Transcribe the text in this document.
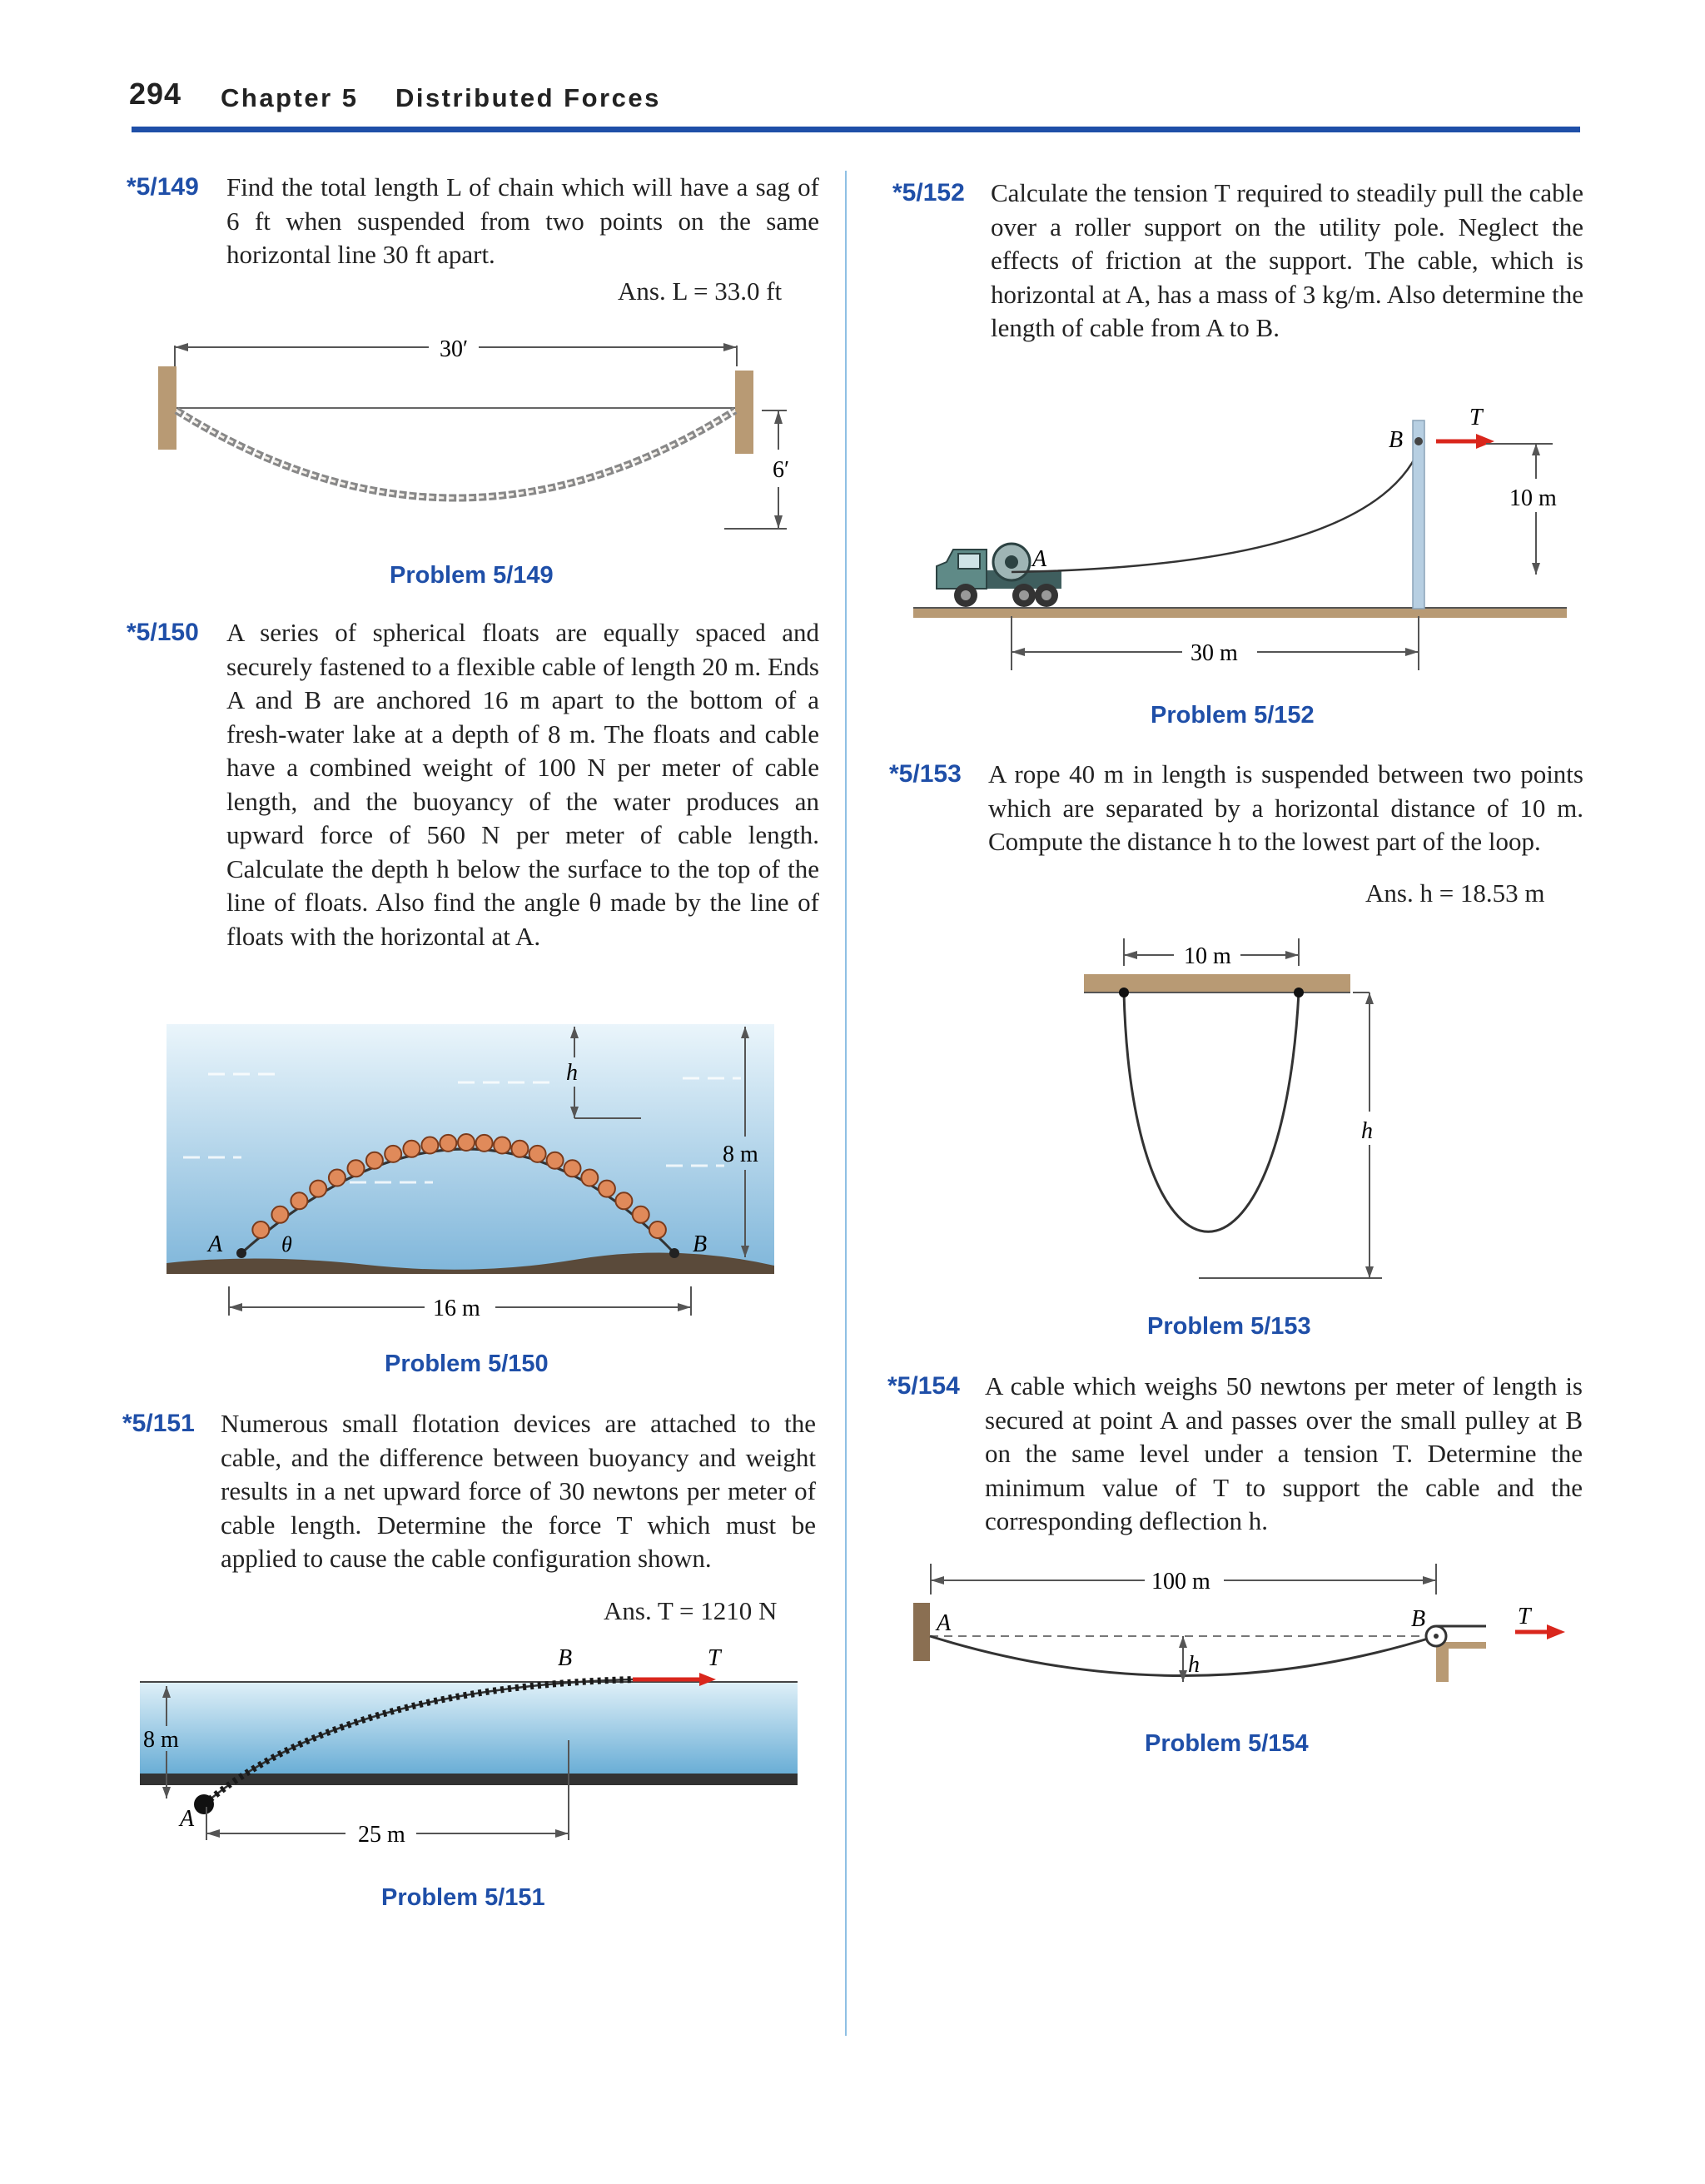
294 Chapter 5 Distributed Forces
*5/149 Find the total length L of chain which will have a sag of 6 ft when suspended from two points on the same horizontal line 30 ft apart.
Ans. L = 33.0 ft
30′
6′
Problem 5/149
*5/150 A series of spherical floats are equally spaced and securely fastened to a flexible cable of length 20 m. Ends A and B are anchored 16 m apart to the bottom of a fresh-water lake at a depth of 8 m. The floats and cable have a combined weight of 100 N per meter of cable length, and the buoyancy of the water produces an upward force of 560 N per meter of cable length. Calculate the depth h below the surface to the top of the line of floats. Also find the angle θ made by the line of floats with the horizontal at A.
h
8 m
A	θ	B
16 m
Problem 5/150
*5/151 Numerous small flotation devices are attached to the cable, and the difference between buoyancy and weight results in a net upward force of 30 newtons per meter of cable length. Determine the force T which must be applied to cause the cable configuration shown.
Ans. T = 1210 N
B	T
8 m
A
25 m
Problem 5/151
*5/152 Calculate the tension T required to steadily pull the cable over a roller support on the utility pole. Neglect the effects of friction at the support. The cable, which is horizontal at A, has a mass of 3 kg/m. Also determine the length of cable from A to B.
A
B
T
10 m
30 m
Problem 5/152
*5/153 A rope 40 m in length is suspended between two points which are separated by a horizontal distance of 10 m. Compute the distance h to the lowest part of the loop.
Ans. h = 18.53 m
10 m
h
Problem 5/153
*5/154 A cable which weighs 50 newtons per meter of length is secured at point A and passes over the small pulley at B on the same level under a tension T. Determine the minimum value of T to support the cable and the corresponding deflection h.
100 m
A
h
B	T
Problem 5/154
